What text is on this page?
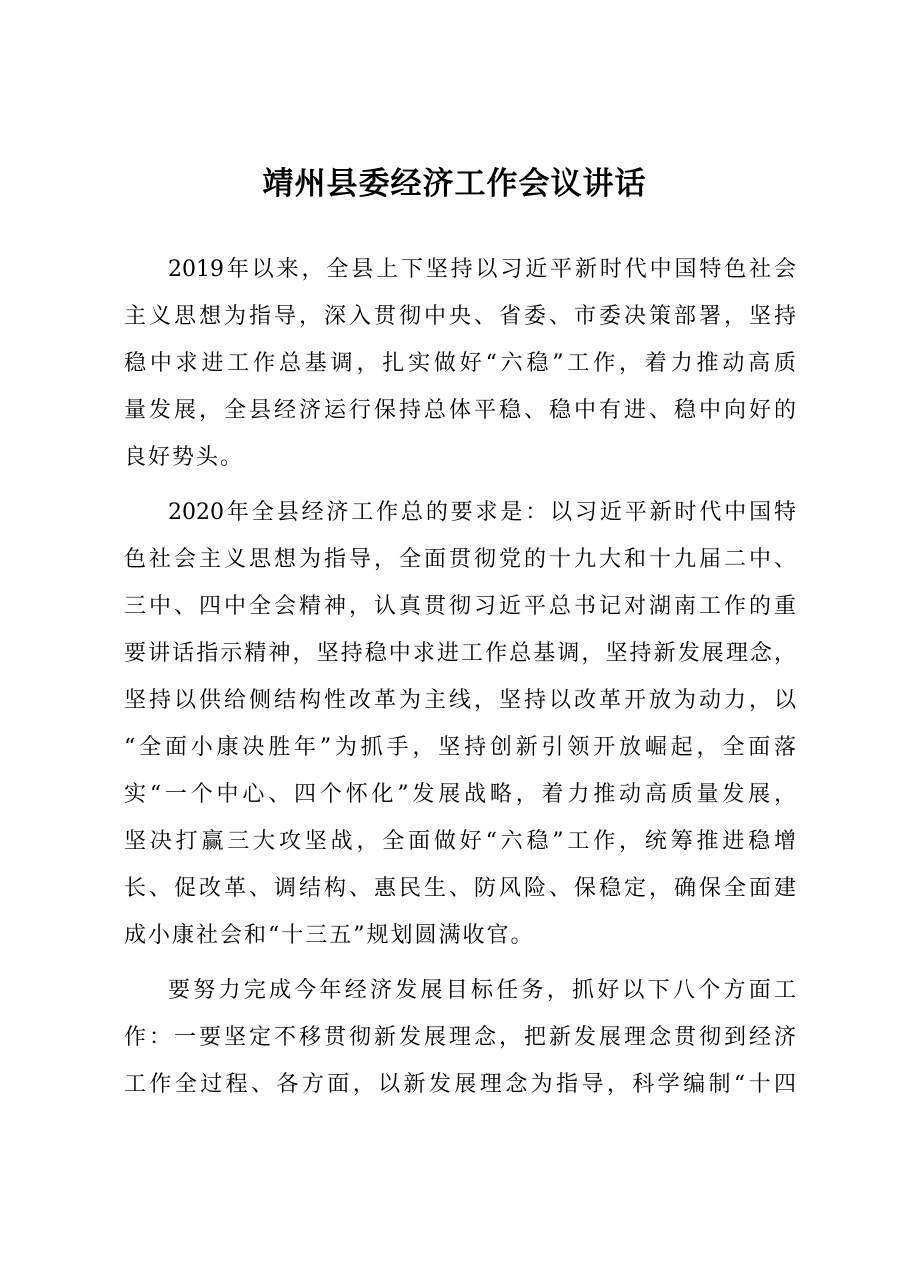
靖州县委经济工作会议讲话
2019年以来，全县上下坚持以习近平新时代中国特色社会
主义思想为指导，深入贯彻中央、省委、市委决策部署，坚持
稳中求进工作总基调，扎实做好“六稳”工作，着力推动高质
量发展，全县经济运行保持总体平稳、稳中有进、稳中向好的
良好势头。
2020年全县经济工作总的要求是：以习近平新时代中国特
色社会主义思想为指导，全面贯彻党的十九大和十九届二中、
三中、四中全会精神，认真贯彻习近平总书记对湖南工作的重
要讲话指示精神，坚持稳中求进工作总基调，坚持新发展理念，
坚持以供给侧结构性改革为主线，坚持以改革开放为动力，以
“全面小康决胜年”为抓手，坚持创新引领开放崛起，全面落
实“一个中心、四个怀化”发展战略，着力推动高质量发展，
坚决打赢三大攻坚战，全面做好“六稳”工作，统筹推进稳增
长、促改革、调结构、惠民生、防风险、保稳定，确保全面建
成小康社会和“十三五”规划圆满收官。
要努力完成今年经济发展目标任务，抓好以下八个方面工
作：一要坚定不移贯彻新发展理念，把新发展理念贯彻到经济
工作全过程、各方面，以新发展理念为指导，科学编制“十四
